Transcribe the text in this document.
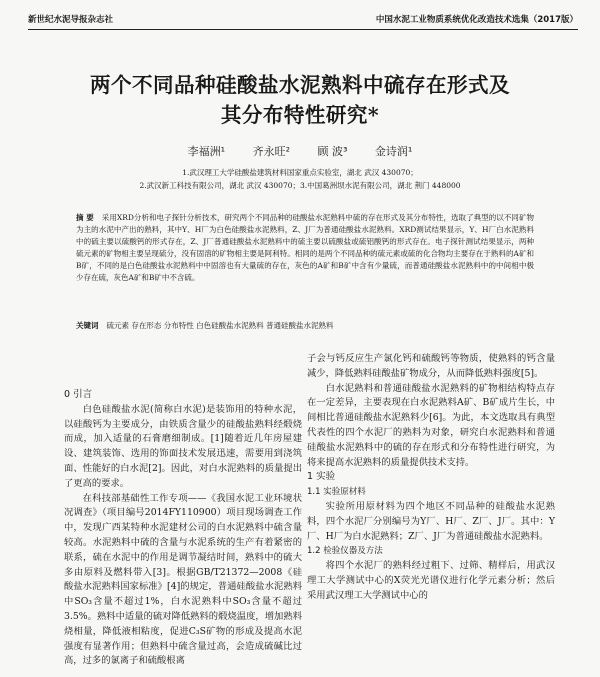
新世纪水泥导报杂志社	中国水泥工业物质系统优化改造技术选集（2017版）
两个不同品种硅酸盐水泥熟料中硫存在形式及
其分布特性研究*
李福洲¹	齐永旺²	顾 波³	金诗润¹
1.武汉理工大学硅酸盐建筑材料国家重点实验室，湖北 武汉 430070；
2.武汉新工科技有限公司，湖北 武汉 430070；3.中国葛洲坝水泥有限公司，湖北 荆门 448000
摘 要 采用XRD分析和电子探针分析技术，研究两个不同品种的硅酸盐水泥熟料中硫的存在形式及其分布特性，选取了典型的以不同矿物为主的水泥中产出的熟料，其中Y、H厂为白色硅酸盐水泥熟料，Z、J厂为普通硅酸盐水泥熟料。XRD测试结果显示，Y、H厂白水泥熟料中的硫主要以硫酸钙的形式存在，Z、J厂普通硅酸盐水泥熟料中的硫主要以硫酸盐或硫铝酸钙的形式存在。电子探针测试结果显示，两种硫元素的矿物相主要呈现硫分，没有固溶的矿物相主要是阿利特。相同的是两个不同品种的硫元素或硫的化合物均主要存在于熟料的A矿和B矿，不同的是白色硅酸盐水泥熟料中中固溶也有大量硫的存在，灰色的A矿和B矿中含有少量硫，而普通硅酸盐水泥熟料中的中间相中极少存在硫，灰色A矿和B矿中不含硫。
关键词 硫元素 存在形态 分布特性 白色硅酸盐水泥熟料 普通硅酸盐水泥熟料
0 引言

白色硅酸盐水泥(简称白水泥)是装饰用的特种水泥，以硅酸钙为主要成分，由铁质含量少的硅酸盐熟料经煅烧而成，加入适量的石膏磨细制成。[1]随着近几年房屋建设、建筑装饰、选用的饰面技术发展迅速，需要用到浇筑面、性能好的白水泥[2]。因此，对白水泥熟料的质量提出了更高的要求。

在科技部基础性工作专项——《我国水泥工业环境状况调查》（项目编号2014FY110900）项目现场调查工作中，发现广西某特种水泥建材公司的白水泥熟料中硫含量较高。水泥熟料中硫的含量与水泥系统的生产有着紧密的联系，硫在水泥中的作用是调节凝结时间，熟料中的硫大多由原料及燃料带入[3]。根据GB/T21372—2008《硅酸盐水泥熟料国家标准》[4]的规定，普通硅酸盐水泥熟料中SO₃含量不超过1%，白水泥熟料中SO₃含量不超过3.5%。熟料中适量的硫对降低熟料的煅烧温度，增加熟料烧相量，降低液相粘度，促进C₃S矿物的形成及提高水泥强度有显著作用；但熟料中硫含量过高，会造成硫碱比过高，过多的氯离子和硫酸根离

子会与钙反应生产氯化钙和硫酸钙等物质，使熟料的钙含量减少，降低熟料硅酸盐矿物成分，从而降低熟料强度[5]。

白水泥熟料和普通硅酸盐水泥熟料的矿物相结构特点存在一定差异，主要表现在白水泥熟料A矿、B矿成片生长，中间相比普通硅酸盐水泥熟料少[6]。为此，本文选取具有典型代表性的四个水泥厂的熟料为对象，研究白水泥熟料和普通硅酸盐水泥熟料中的硫的存在形式和分布特性进行研究，为将来提高水泥熟料的质量提供技术支持。

1 实验
1.1 实验原材料

实验所用原材料为四个地区不同品种的硅酸盐水泥熟料，四个水泥厂分别编号为Y厂、H厂、Z厂、J厂。其中：Y厂、H厂为白水泥熟料；Z厂、J厂为普通硅酸盐水泥熟料。

1.2 检验仪器及方法

将四个水泥厂的熟料经过粗下、过筛、精样后，用武汉理工大学测试中心的X荧光光谱仪进行化学元素分析；然后采用武汉理工大学测试中心的
